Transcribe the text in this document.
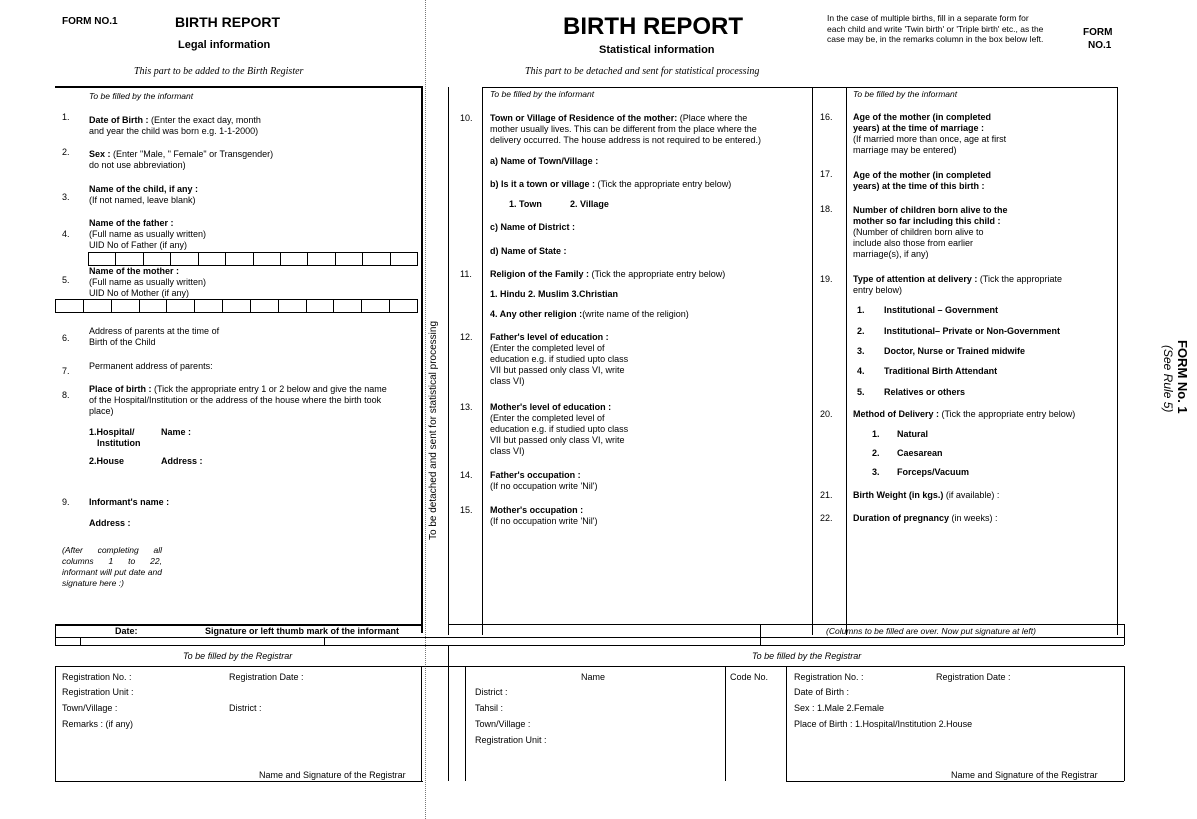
FORM NO.1	BIRTH REPORT
Legal information
This part to be added to the Birth Register
BIRTH REPORT
Statistical information
This part to be detached and sent for statistical processing
In the case of multiple births, fill in a separate form for each child and write 'Twin birth' or 'Triple birth' etc., as the case may be, in the remarks column in the box below left.
FORM
NO.1
To be filled by the informant	To be filled by the informant	To be filled by the informant
1. Date of Birth : (Enter the exact day, month
and year the child was born e.g. 1-1-2000)
2. Sex : (Enter "Male, " Female" or Transgender)
do not use abbreviation)
3.
Name of the child, if any :
(If not named, leave blank)
4.
Name of the father :
(Full name as usually written)
UID No of Father (if any)
5.
Name of the mother :
(Full name as usually written)
UID No of Mother (if any)
6.
Address of parents at the time of
Birth of the Child
7. Permanent address of parents:
8.
Place of birth : (Tick the appropriate entry 1 or 2 below and give the name
of the Hospital/Institution or the address of the house where the birth took
place)
1.Hospital/
Institution
Name :
2.House	Address :
9. Informant's name :
Address :
(After completing all columns 1 to 22, informant will put date and signature here :)
To be detached and sent for statistical processing
10. Town or Village of Residence of the mother: (Place where the
mother usually lives. This can be different from the place where the
delivery occurred. The house address is not required to be entered.)
a) Name of Town/Village :
b) Is it a town or village : (Tick the appropriate entry below)
1. Town	2. Village
c) Name of District :
d) Name of State :
11. Religion of the Family : (Tick the appropriate entry below)
1. Hindu 2. Muslim 3.Christian
4. Any other religion :(write name of the religion)
12. Father's level of education :
(Enter the completed level of
education e.g. if studied upto class
VII but passed only class VI, write
class VI)
13. Mother's level of education :
(Enter the completed level of
education e.g. if studied upto class
VII but passed only class VI, write
class VI)
14. Father's occupation :
(If no occupation write 'Nil')
15. Mother's occupation :
(If no occupation write 'Nil')
16. Age of the mother (in completed
years) at the time of marriage :
(If married more than once, age at first
marriage may be entered)
17. Age of the mother (in completed
years) at the time of this birth :
18. Number of children born alive to the
mother so far including this child :
(Number of children born alive to
include also those from earlier
marriage(s), if any)
19. Type of attention at delivery : (Tick the appropriate
entry below)
1. Institutional – Government
2. Institutional– Private or Non-Government
3. Doctor, Nurse or Trained midwife
4. Traditional Birth Attendant
5. Relatives or others
20. Method of Delivery : (Tick the appropriate entry below)
1. Natural
2. Caesarean
3. Forceps/Vacuum
21. Birth Weight (in kgs.) (if available) :
22. Duration of pregnancy (in weeks) :
Date:	Signature or left thumb mark of the informant	(Columns to be filled are over. Now put signature at left)
To be filled by the Registrar	To be filled by the Registrar
Registration No. :	Registration Date :
Registration Unit :
Town/Village :	District :
Remarks : (if any)
Name and Signature of the Registrar
Name	Code No.
District :
Tahsil :
Town/Village :
Registration Unit :
Registration No. :	Registration Date :
Date of Birth :
Sex : 1.Male 2.Female
Place of Birth : 1.Hospital/Institution 2.House
Name and Signature of the Registrar
FORM No. 1
(See Rule 5)
